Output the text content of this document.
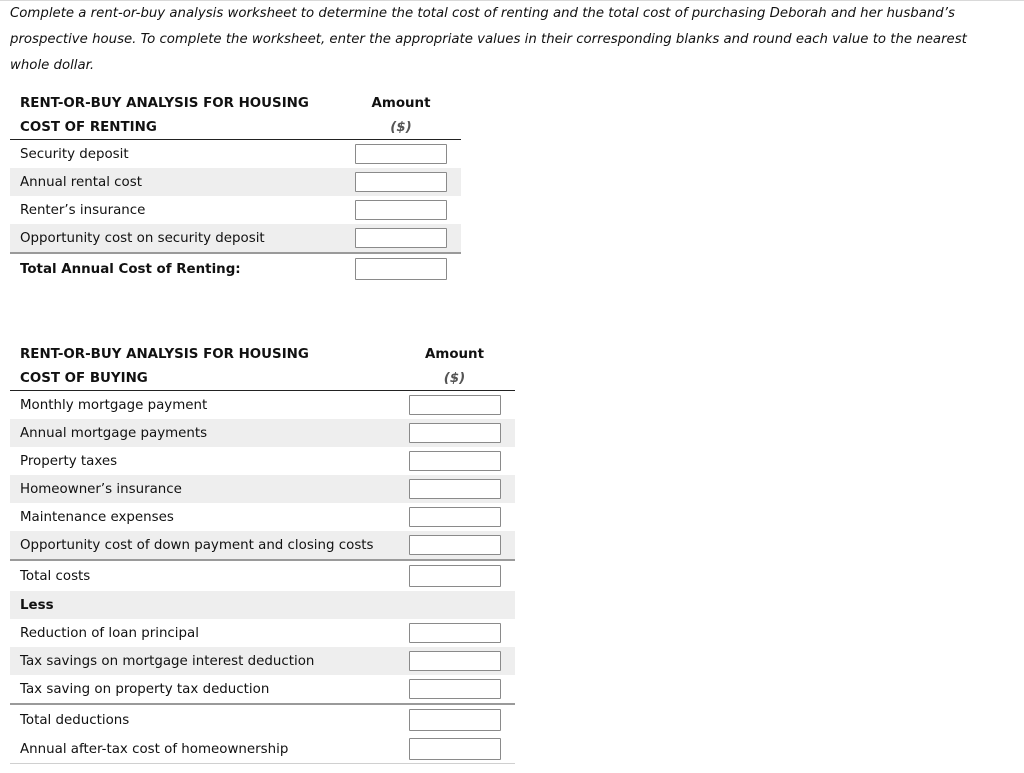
Complete a rent-or-buy analysis worksheet to determine the total cost of renting and the total cost of purchasing Deborah and her husband’s prospective house. To complete the worksheet, enter the appropriate values in their corresponding blanks and round each value to the nearest whole dollar.

RENT-OR-BUY ANALYSIS FOR HOUSING	Amount
COST OF RENTING	($)
Security deposit	

Annual rental cost	

Renter’s insurance	

Opportunity cost on security deposit	

Total Annual Cost of Renting:	
RENT-OR-BUY ANALYSIS FOR HOUSING	Amount
COST OF BUYING	($)
Monthly mortgage payment	

Annual mortgage payments	

Property taxes	

Homeowner’s insurance	

Maintenance expenses	

Opportunity cost of down payment and closing costs	

Total costs	

Less	
Reduction of loan principal	

Tax savings on mortgage interest deduction	

Tax saving on property tax deduction	

Total deductions	

Annual after-tax cost of homeownership	
